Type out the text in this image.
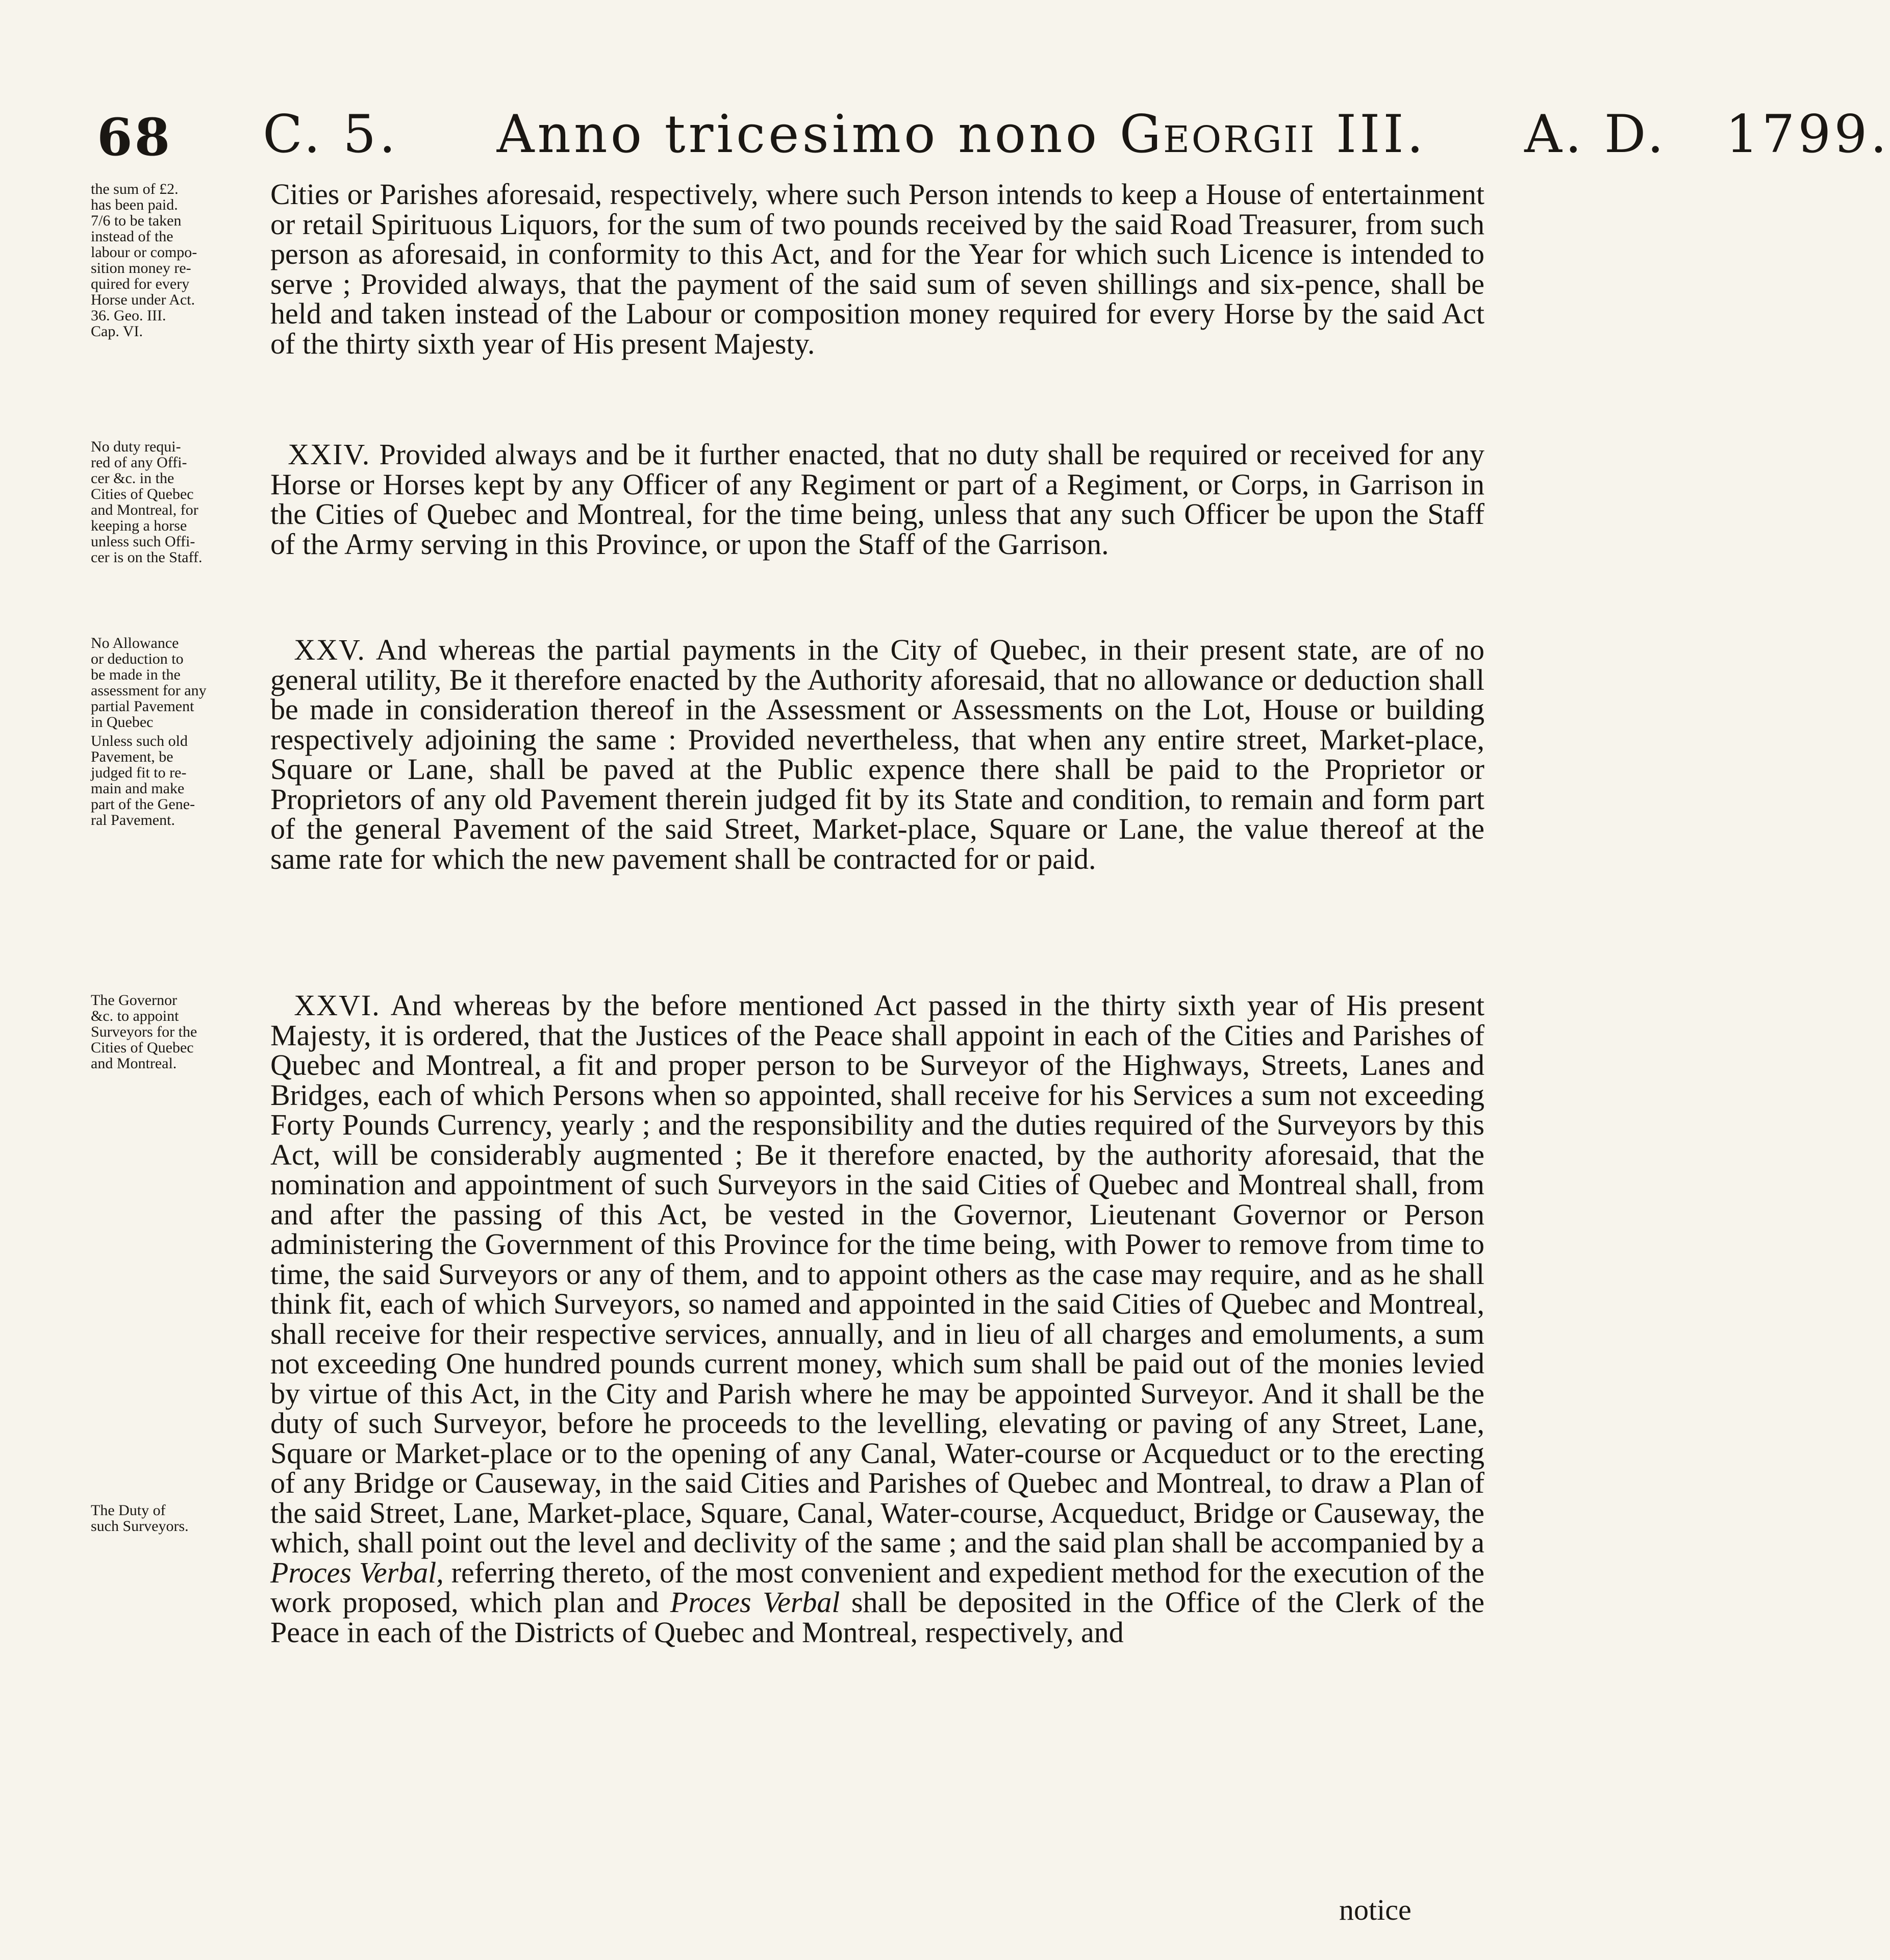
68 C. 5. Anno tricesimo nono Georgii III. A. D. 1799.

the sum of £2.

has been paid.

7/6 to be taken

instead of the

labour or compo-

sition money re-

quired for every

Horse under Act.

36. Geo. III.

Cap. VI.

No duty requi-

red of any Offi-

cer &c. in the

Cities of Quebec

and Montreal, for

keeping a horse

unless such Offi-

cer is on the Staff.

No Allowance

or deduction to

be made in the

assessment for any

partial Pavement

in Quebec

Unless such old

Pavement, be

judged fit to re-

main and make

part of the Gene-

ral Pavement.

The Governor

&c. to appoint

Surveyors for the

Cities of Quebec

and Montreal.

The Duty of

such Surveyors.

Cities or Parishes aforesaid, respectively, where such Person intends to keep a House of entertainment or retail Spirituous Liquors, for the sum of two pounds received by the said Road Treasurer, from such person as aforesaid, in conformity to this Act, and for the Year for which such Licence is intended to serve ; Provided always, that the payment of the said sum of seven shillings and six-pence, shall be held and taken instead of the Labour or composition money required for every Horse by the said Act of the thirty sixth year of His present Majesty.

XXIV. Provided always and be it further enacted, that no duty shall be required or received for any Horse or Horses kept by any Officer of any Regiment or part of a Regiment, or Corps, in Garrison in the Cities of Quebec and Montreal, for the time being, unless that any such Officer be upon the Staff of the Army serving in this Province, or upon the Staff of the Garrison.

XXV. And whereas the partial payments in the City of Quebec, in their present state, are of no general utility, Be it therefore enacted by the Authority aforesaid, that no allowance or deduction shall be made in consideration thereof in the Assessment or Assessments on the Lot, House or building respectively adjoining the same : Provided nevertheless, that when any entire street, Market-place, Square or Lane, shall be paved at the Public expence there shall be paid to the Proprietor or Proprietors of any old Pavement therein judged fit by its State and condition, to remain and form part of the general Pavement of the said Street, Market-place, Square or Lane, the value thereof at the same rate for which the new pavement shall be contracted for or paid.

XXVI. And whereas by the before mentioned Act passed in the thirty sixth year of His present Majesty, it is ordered, that the Justices of the Peace shall appoint in each of the Cities and Parishes of Quebec and Montreal, a fit and proper person to be Surveyor of the Highways, Streets, Lanes and Bridges, each of which Persons when so appointed, shall receive for his Services a sum not exceeding Forty Pounds Currency, yearly ; and the responsibility and the duties required of the Surveyors by this Act, will be considerably augmented ; Be it therefore enacted, by the authority aforesaid, that the nomination and appointment of such Surveyors in the said Cities of Quebec and Montreal shall, from and after the passing of this Act, be vested in the Governor, Lieutenant Governor or Person administering the Government of this Province for the time being, with Power to remove from time to time, the said Surveyors or any of them, and to appoint others as the case may require, and as he shall think fit, each of which Surveyors, so named and appointed in the said Cities of Quebec and Montreal, shall receive for their respective services, annually, and in lieu of all charges and emoluments, a sum not exceeding One hundred pounds current money, which sum shall be paid out of the monies levied by virtue of this Act, in the City and Parish where he may be appointed Surveyor. And it shall be the duty of such Surveyor, before he proceeds to the levelling, elevating or paving of any Street, Lane, Square or Market-place or to the opening of any Canal, Water-course or Acqueduct or to the erecting of any Bridge or Causeway, in the said Cities and Parishes of Quebec and Montreal, to draw a Plan of the said Street, Lane, Market-place, Square, Canal, Water-course, Acqueduct, Bridge or Causeway, the which, shall point out the level and declivity of the same ; and the said plan shall be accompanied by a Proces Verbal, referring thereto, of the most convenient and expedient method for the execution of the work proposed, which plan and Proces Verbal shall be deposited in the Office of the Clerk of the Peace in each of the Districts of Quebec and Montreal, respectively, and

notice
